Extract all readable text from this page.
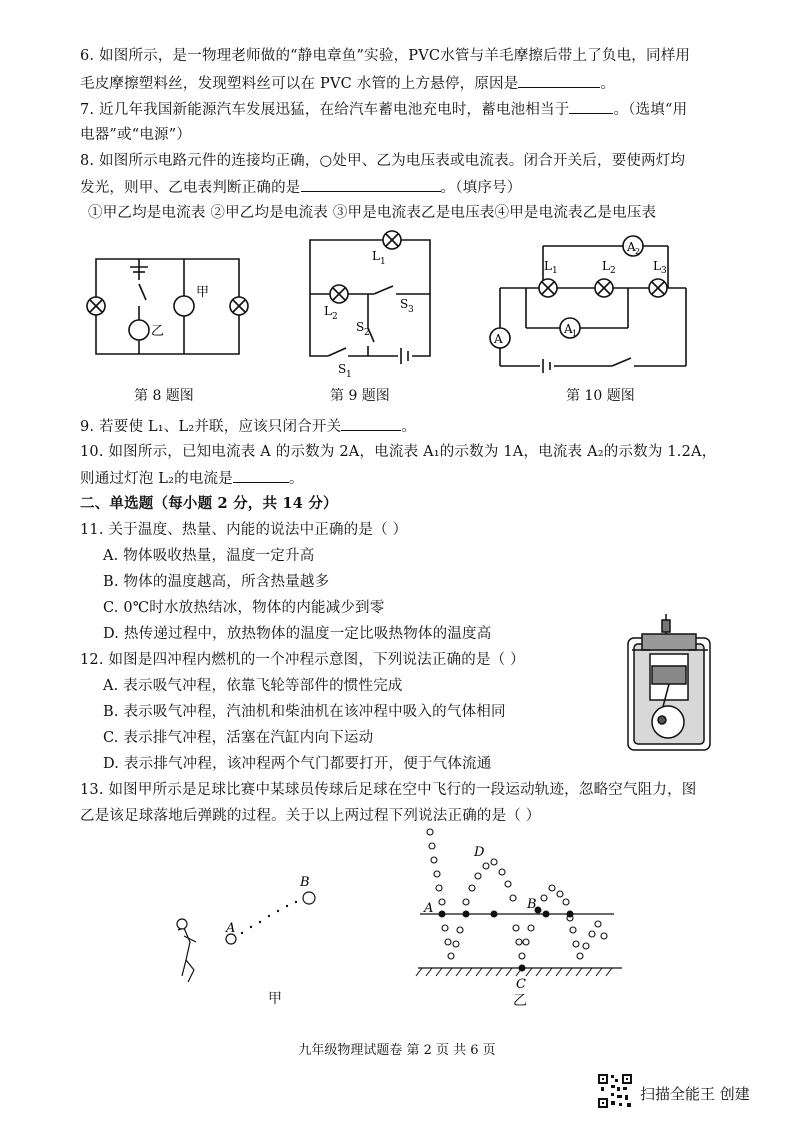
6. 如图所示，是一物理老师做的“静电章鱼”实验，PVC水管与羊毛摩擦后带上了负电，同样用
毛皮摩擦塑料丝，发现塑料丝可以在 PVC 水管的上方悬停，原因是	。
7. 近几年我国新能源汽车发展迅猛，在给汽车蓄电池充电时，蓄电池相当于	。（选填“用
电器”或“电源”）
8. 如图所示电路元件的连接均正确，○处甲、乙为电压表或电流表。闭合开关后，要使两灯均
发光，则甲、乙电表判断正确的是	。（填序号）
①甲乙均是电流表 ②甲乙均是电流表 ③甲是电流表乙是电压表④甲是电流表乙是电压表
甲
乙
第 8 题图
L 1
L 2
S 3
S 2
S 1
第 9 题图
A 2
A 1
A
L 1	L 2	L 3
第 10 题图
9. 若要使 L₁、L₂并联，应该只闭合开关	。
10. 如图所示，已知电流表 A 的示数为 2A，电流表 A₁的示数为 1A，电流表 A₂的示数为 1.2A，
则通过灯泡 L₂的电流是	。
二、单选题（每小题 2 分，共 14 分）
11. 关于温度、热量、内能的说法中正确的是（ ）
A. 物体吸收热量，温度一定升高
B. 物体的温度越高，所含热量越多
C. 0℃时水放热结冰，物体的内能减少到零
D. 热传递过程中，放热物体的温度一定比吸热物体的温度高
12. 如图是四冲程内燃机的一个冲程示意图，下列说法正确的是（ ）
A. 表示吸气冲程，依靠飞轮等部件的惯性完成
B. 表示吸气冲程，汽油机和柴油机在该冲程中吸入的气体相同
C. 表示排气冲程，活塞在汽缸内向下运动
D. 表示排气冲程，该冲程两个气门都要打开，便于气体流通
13. 如图甲所示是足球比赛中某球员传球后足球在空中飞行的一段运动轨迹，忽略空气阻力，图
乙是该足球落地后弹跳的过程。关于以上两过程下列说法正确的是（ ）
A
B
甲
A	B
D
C
乙
九年级物理试题卷 第 2 页 共 6 页
扫描全能王 创建
